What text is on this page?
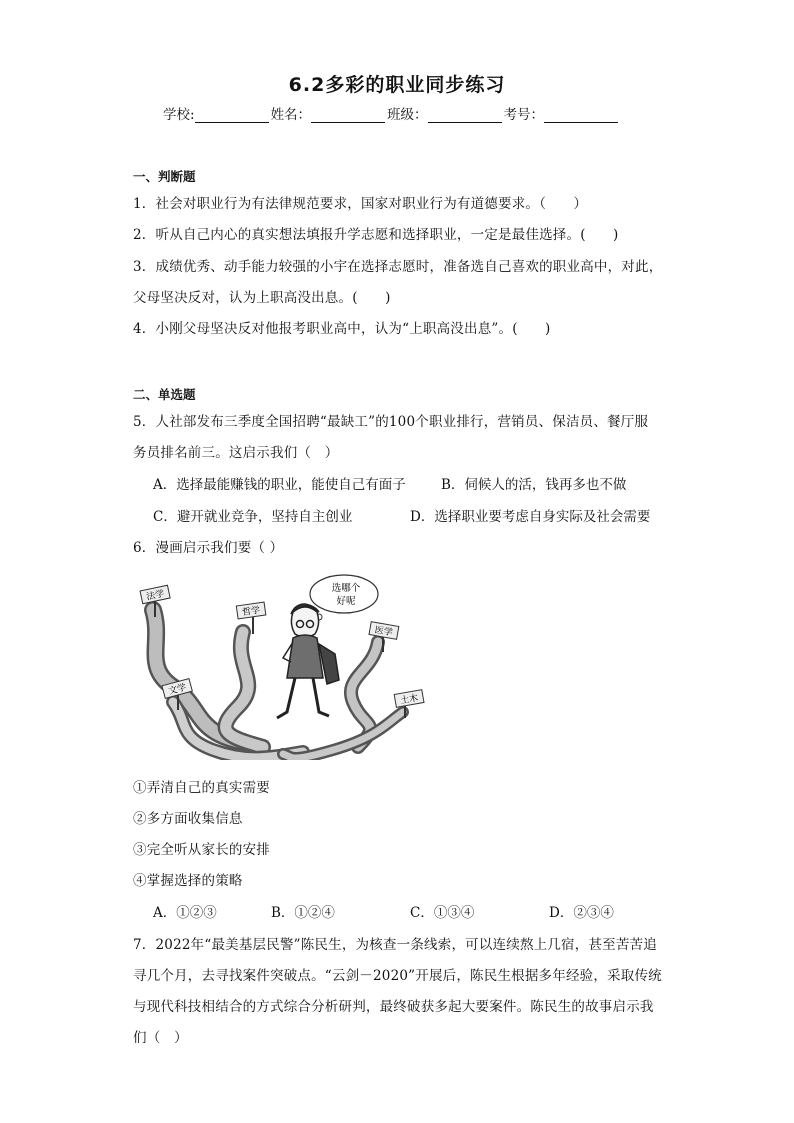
6.2多彩的职业同步练习
学校:	姓名：	班级：	考号：
一、判断题
1．社会对职业行为有法律规范要求，国家对职业行为有道德要求。（　　）
2．听从自己内心的真实想法填报升学志愿和选择职业，一定是最佳选择。(　　)
3．成绩优秀、动手能力较强的小宇在选择志愿时，准备选自己喜欢的职业高中，对此，
父母坚决反对，认为上职高没出息。(　　)
4．小刚父母坚决反对他报考职业高中，认为“上职高没出息”。(　　)
二、单选题
5．人社部发布三季度全国招聘“最缺工”的100个职业排行，营销员、保洁员、餐厅服
务员排名前三。这启示我们（　）
A．选择最能赚钱的职业，能使自己有面子	B．伺候人的活，钱再多也不做
C．避开就业竞争，坚持自主创业	D．选择职业要考虑自身实际及社会需要
6．漫画启示我们要（ ）
法学
哲学
医学
文学
土木
选哪个
好呢
①弄清自己的真实需要
②多方面收集信息
③完全听从家长的安排
④掌握选择的策略
A．①②③	B．①②④	C．①③④	D．②③④
7．2022年“最美基层民警”陈民生，为核查一条线索，可以连续熬上几宿，甚至苦苦追
寻几个月，去寻找案件突破点。“云剑－2020”开展后，陈民生根据多年经验，采取传统
与现代科技相结合的方式综合分析研判，最终破获多起大要案件。陈民生的故事启示我
们（　）
